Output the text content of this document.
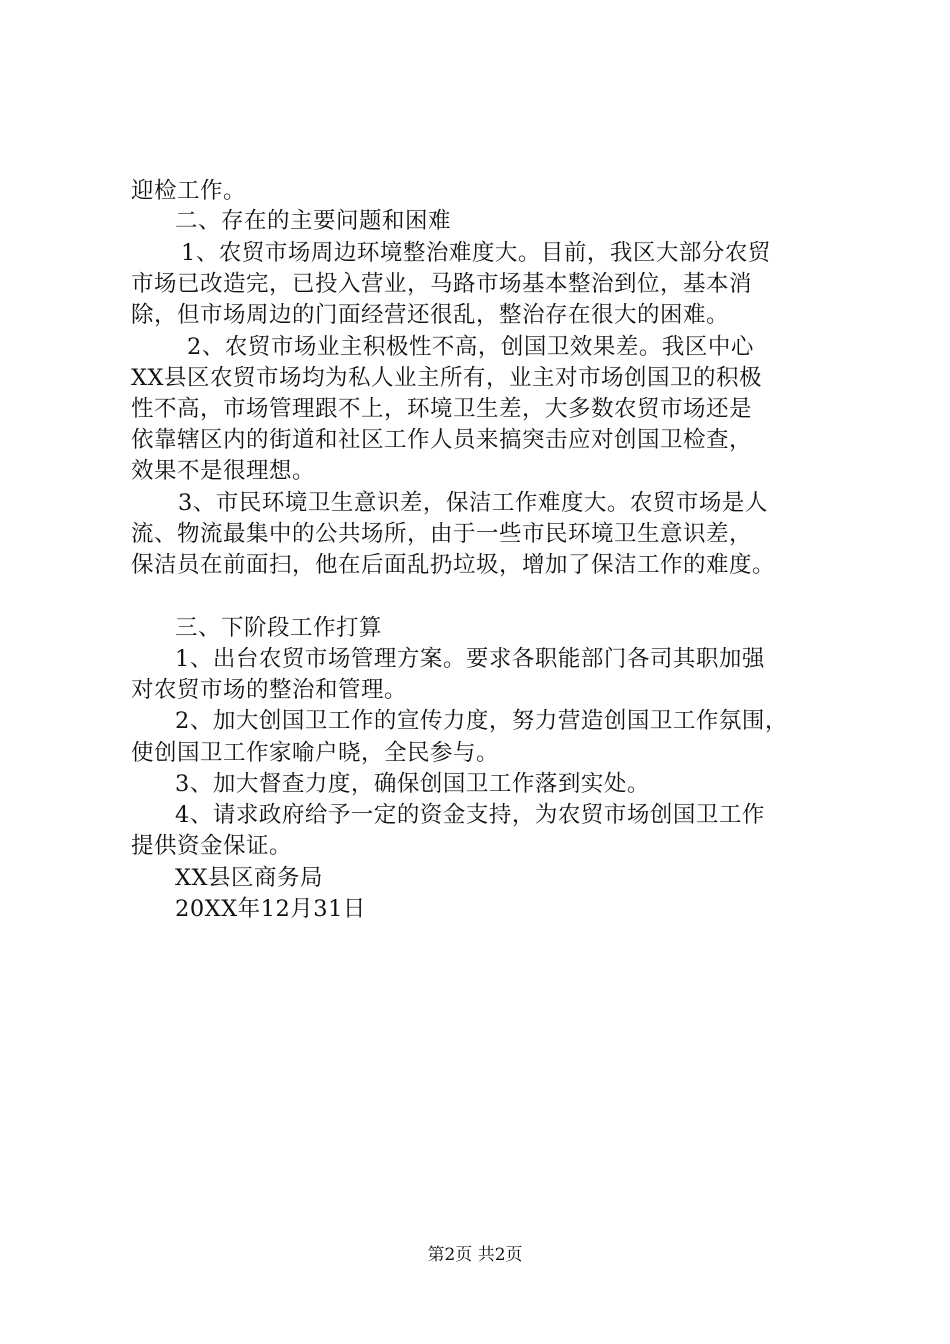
迎检工作。
二、存在的主要问题和困难
1、农贸市场周边环境整治难度大。目前，我区大部分农贸
市场已改造完，已投入营业，马路市场基本整治到位，基本消
除，但市场周边的门面经营还很乱，整治存在很大的困难。
2、农贸市场业主积极性不高，创国卫效果差。我区中心
XX县区农贸市场均为私人业主所有，业主对市场创国卫的积极
性不高，市场管理跟不上，环境卫生差，大多数农贸市场还是
依靠辖区内的街道和社区工作人员来搞突击应对创国卫检查，
效果不是很理想。
3、市民环境卫生意识差，保洁工作难度大。农贸市场是人
流、物流最集中的公共场所，由于一些市民环境卫生意识差，
保洁员在前面扫，他在后面乱扔垃圾，增加了保洁工作的难度。
三、下阶段工作打算
1、出台农贸市场管理方案。要求各职能部门各司其职加强
对农贸市场的整治和管理。
2、加大创国卫工作的宣传力度，努力营造创国卫工作氛围，
使创国卫工作家喻户晓，全民参与。
3、加大督查力度，确保创国卫工作落到实处。
4、请求政府给予一定的资金支持，为农贸市场创国卫工作
提供资金保证。
XX县区商务局
20XX年12月31日
第2页 共2页
